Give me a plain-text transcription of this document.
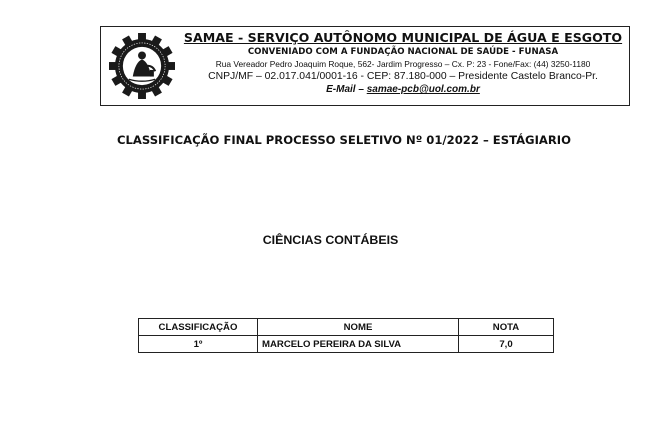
SAMAE - SERVIÇO AUTÔNOMO MUNICIPAL DE ÁGUA E ESGOTO
CONVENIADO COM A FUNDAÇÃO NACIONAL DE SAÚDE - FUNASA
Rua Vereador Pedro Joaquim Roque, 562- Jardim Progresso – Cx. P: 23 - Fone/Fax: (44) 3250-1180
CNPJ/MF – 02.017.041/0001-16 - CEP: 87.180-000 – Presidente Castelo Branco-Pr.
E-Mail – samae-pcb@uol.com.br
CLASSIFICAÇÃO FINAL PROCESSO SELETIVO Nº 01/2022 – ESTÁGIARIO
CIÊNCIAS CONTÁBEIS
CLASSIFICAÇÃO	NOME	NOTA
1º	MARCELO PEREIRA DA SILVA	7,0
